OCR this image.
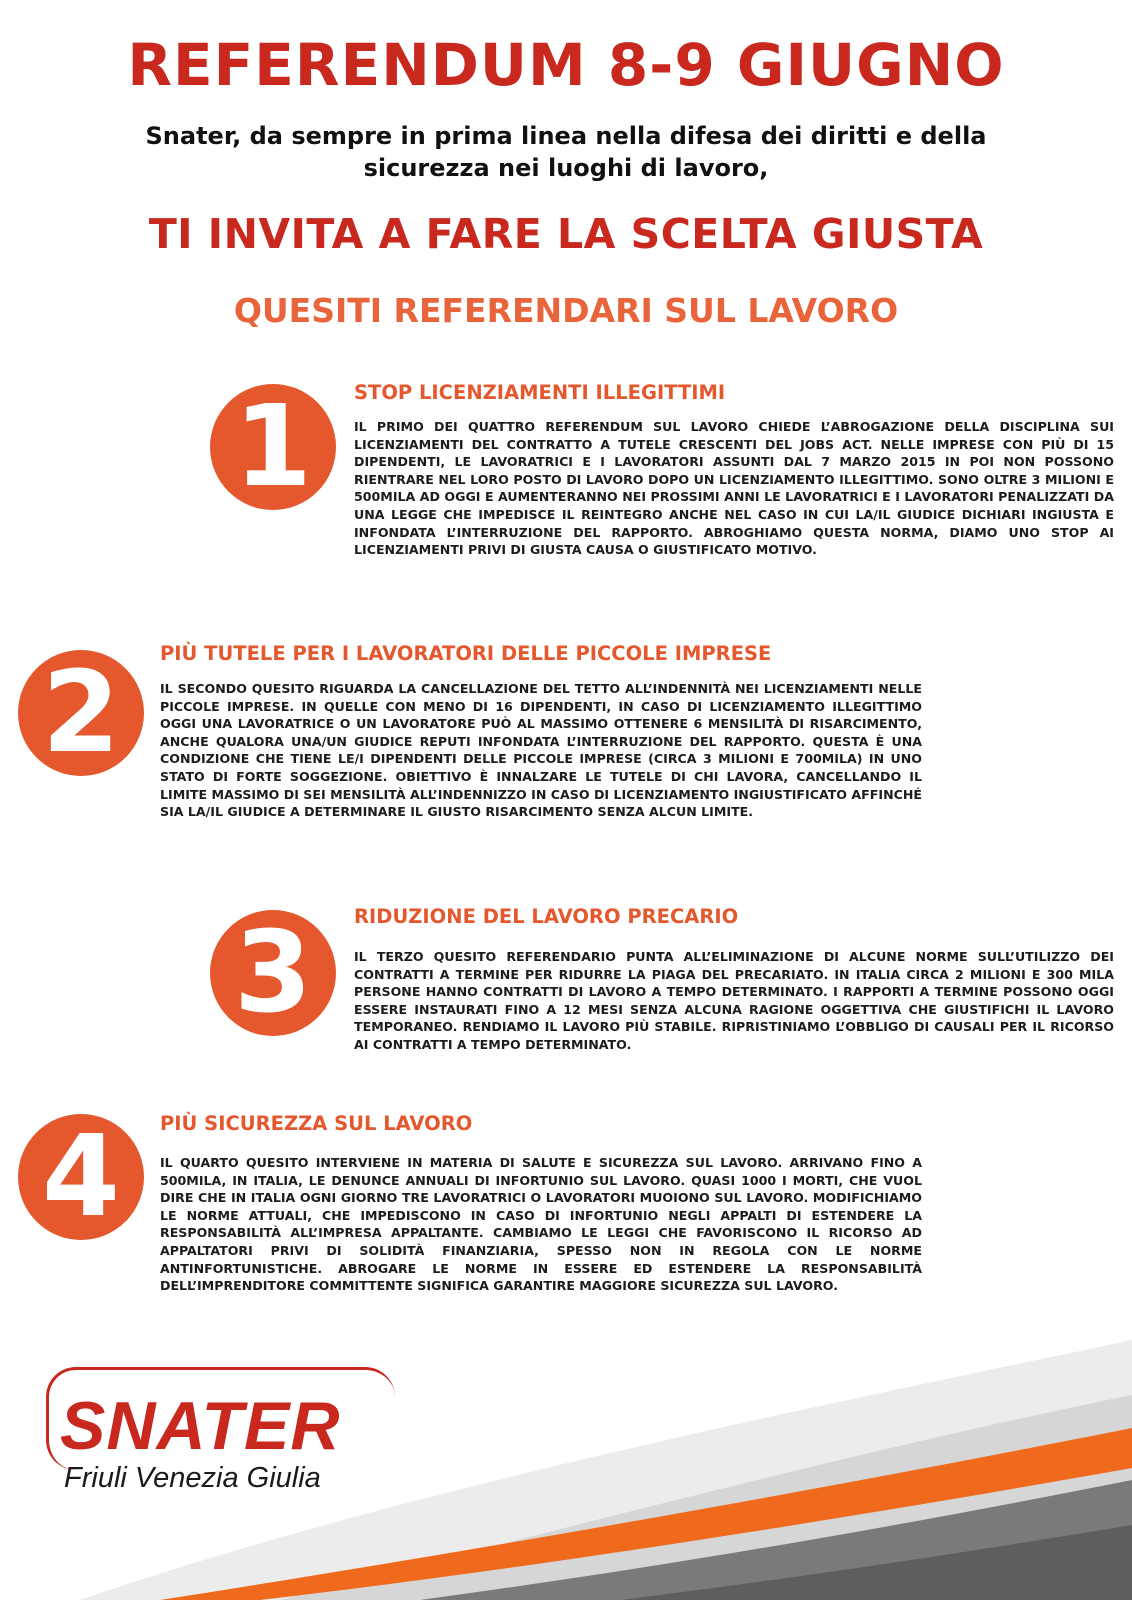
REFERENDUM 8-9 GIUGNO
Snater, da sempre in prima linea nella difesa dei diritti e della
sicurezza nei luoghi di lavoro,
TI INVITA A FARE LA SCELTA GIUSTA
QUESITI REFERENDARI SUL LAVORO
1	STOP LICENZIAMENTI ILLEGITTIMI
IL PRIMO DEI QUATTRO REFERENDUM SUL LAVORO CHIEDE L’ABROGAZIONE DELLA DISCIPLINA SUI LICENZIAMENTI DEL CONTRATTO A TUTELE CRESCENTI DEL JOBS ACT. NELLE IMPRESE CON PIÙ DI 15 DIPENDENTI, LE LAVORATRICI E I LAVORATORI ASSUNTI DAL 7 MARZO 2015 IN POI NON POSSONO RIENTRARE NEL LORO POSTO DI LAVORO DOPO UN LICENZIAMENTO ILLEGITTIMO. SONO OLTRE 3 MILIONI E 500MILA AD OGGI E AUMENTERANNO NEI PROSSIMI ANNI LE LAVORATRICI E I LAVORATORI PENALIZZATI DA UNA LEGGE CHE IMPEDISCE IL REINTEGRO ANCHE NEL CASO IN CUI LA/IL GIUDICE DICHIARI INGIUSTA E INFONDATA L’INTERRUZIONE DEL RAPPORTO. ABROGHIAMO QUESTA NORMA, DIAMO UNO STOP AI LICENZIAMENTI PRIVI DI GIUSTA CAUSA O GIUSTIFICATO MOTIVO.
2	PIÙ TUTELE PER I LAVORATORI DELLE PICCOLE IMPRESE
IL SECONDO QUESITO RIGUARDA LA CANCELLAZIONE DEL TETTO ALL’INDENNITÀ NEI LICENZIAMENTI NELLE PICCOLE IMPRESE. IN QUELLE CON MENO DI 16 DIPENDENTI, IN CASO DI LICENZIAMENTO ILLEGITTIMO OGGI UNA LAVORATRICE O UN LAVORATORE PUÒ AL MASSIMO OTTENERE 6 MENSILITÀ DI RISARCIMENTO, ANCHE QUALORA UNA/UN GIUDICE REPUTI INFONDATA L’INTERRUZIONE DEL RAPPORTO. QUESTA È UNA CONDIZIONE CHE TIENE LE/I DIPENDENTI DELLE PICCOLE IMPRESE (CIRCA 3 MILIONI E 700MILA) IN UNO STATO DI FORTE SOGGEZIONE. OBIETTIVO È INNALZARE LE TUTELE DI CHI LAVORA, CANCELLANDO IL LIMITE MASSIMO DI SEI MENSILITÀ ALL’INDENNIZZO IN CASO DI LICENZIAMENTO INGIUSTIFICATO AFFINCHÉ SIA LA/IL GIUDICE A DETERMINARE IL GIUSTO RISARCIMENTO SENZA ALCUN LIMITE.
3	RIDUZIONE DEL LAVORO PRECARIO
IL TERZO QUESITO REFERENDARIO PUNTA ALL’ELIMINAZIONE DI ALCUNE NORME SULL’UTILIZZO DEI CONTRATTI A TERMINE PER RIDURRE LA PIAGA DEL PRECARIATO. IN ITALIA CIRCA 2 MILIONI E 300 MILA PERSONE HANNO CONTRATTI DI LAVORO A TEMPO DETERMINATO. I RAPPORTI A TERMINE POSSONO OGGI ESSERE INSTAURATI FINO A 12 MESI SENZA ALCUNA RAGIONE OGGETTIVA CHE GIUSTIFICHI IL LAVORO TEMPORANEO. RENDIAMO IL LAVORO PIÙ STABILE. RIPRISTINIAMO L’OBBLIGO DI CAUSALI PER IL RICORSO AI CONTRATTI A TEMPO DETERMINATO.
4	PIÙ SICUREZZA SUL LAVORO
IL QUARTO QUESITO INTERVIENE IN MATERIA DI SALUTE E SICUREZZA SUL LAVORO. ARRIVANO FINO A 500MILA, IN ITALIA, LE DENUNCE ANNUALI DI INFORTUNIO SUL LAVORO. QUASI 1000 I MORTI, CHE VUOL DIRE CHE IN ITALIA OGNI GIORNO TRE LAVORATRICI O LAVORATORI MUOIONO SUL LAVORO. MODIFICHIAMO LE NORME ATTUALI, CHE IMPEDISCONO IN CASO DI INFORTUNIO NEGLI APPALTI DI ESTENDERE LA RESPONSABILITÀ ALL’IMPRESA APPALTANTE. CAMBIAMO LE LEGGI CHE FAVORISCONO IL RICORSO AD APPALTATORI PRIVI DI SOLIDITÀ FINANZIARIA, SPESSO NON IN REGOLA CON LE NORME ANTINFORTUNISTICHE. ABROGARE LE NORME IN ESSERE ED ESTENDERE LA RESPONSABILITÀ DELL’IMPRENDITORE COMMITTENTE SIGNIFICA GARANTIRE MAGGIORE SICUREZZA SUL LAVORO.
SNATER
Friuli Venezia Giulia
